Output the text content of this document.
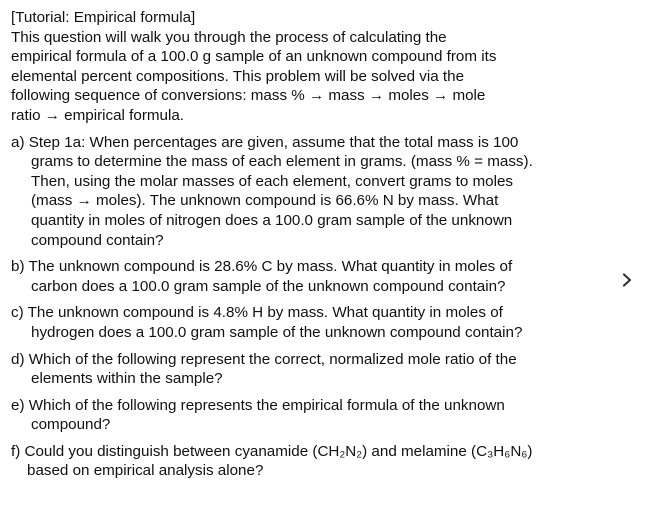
[Tutorial: Empirical formula]
This question will walk you through the process of calculating the
empirical formula of a 100.0 g sample of an unknown compound from its
elemental percent compositions. This problem will be solved via the
following sequence of conversions: mass % → mass → moles → mole
ratio → empirical formula.
a) Step 1a: When percentages are given, assume that the total mass is 100
grams to determine the mass of each element in grams. (mass % = mass).
Then, using the molar masses of each element, convert grams to moles
(mass → moles). The unknown compound is 66.6% N by mass. What
quantity in moles of nitrogen does a 100.0 gram sample of the unknown
compound contain?
b) The unknown compound is 28.6% C by mass. What quantity in moles of
carbon does a 100.0 gram sample of the unknown compound contain?
c) The unknown compound is 4.8% H by mass. What quantity in moles of
hydrogen does a 100.0 gram sample of the unknown compound contain?
d) Which of the following represent the correct, normalized mole ratio of the
elements within the sample?
e) Which of the following represents the empirical formula of the unknown
compound?
f) Could you distinguish between cyanamide (CH₂N₂) and melamine (C₃H₆N₆)
based on empirical analysis alone?
